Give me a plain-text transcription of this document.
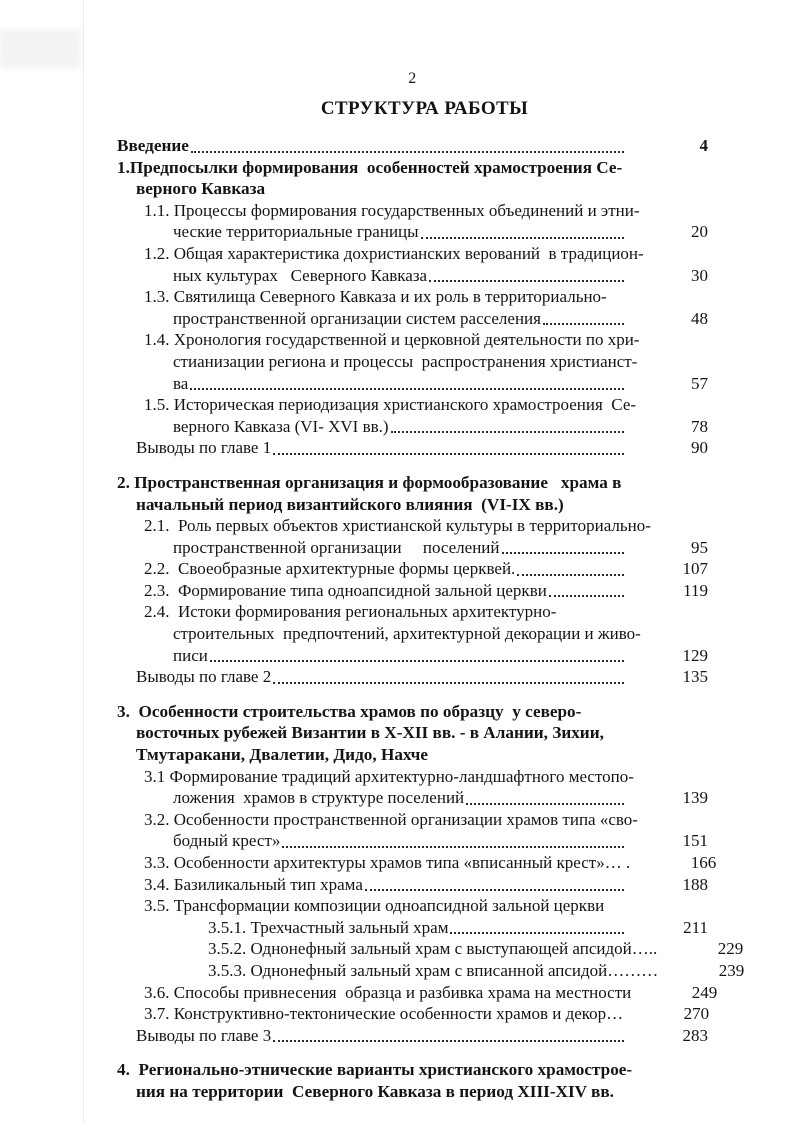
2
СТРУКТУРА РАБОТЫ
Введение	4
1.Предпосылки формирования  особенностей храмостроения Се-
верного Кавказа
1.1. Процессы формирования государственных объединений и этни-
ческие территориальные границы	20
1.2. Общая характеристика дохристианских верований  в традицион-
ных культурах   Северного Кавказа	30
1.3. Святилища Северного Кавказа и их роль в территориально-
пространственной организации систем расселения	48
1.4. Хронология государственной и церковной деятельности по хри-
стианизации региона и процессы  распространения христианст-
ва	57
1.5. Историческая периодизация христианского храмостроения  Се-
верного Кавказа (VI- XVI вв.)	78
Выводы по главе 1	90
2. Пространственная организация и формообразование   храма в
начальный период византийского влияния  (VI-IX вв.)
2.1.  Роль первых объектов христианской культуры в территориально-
пространственной организации     поселений	95
2.2.  Своеобразные архитектурные формы церквей.	107
2.3.  Формирование типа одноапсидной зальной церкви	119
2.4.  Истоки формирования региональных архитектурно-
строительных  предпочтений, архитектурной декорации и живо-
писи	129
Выводы по главе 2	135
3.  Особенности строительства храмов по образцу  у северо-
восточных рубежей Византии в X-XII вв. - в Алании, Зихии,
Тмутаракани, Двалетии, Дидо, Нахче
3.1 Формирование традиций архитектурно-ландшафтного местопо-
ложения  храмов в структуре поселений	139
3.2. Особенности пространственной организации храмов типа «сво-
бодный крест»	151
3.3. Особенности архитектуры храмов типа «вписанный крест»… .	166
3.4. Базиликальный тип храма	188
3.5. Трансформации композиции одноапсидной зальной церкви
3.5.1. Трехчастный зальный храм	211
3.5.2. Однонефный зальный храм с выступающей апсидой…..	229
3.5.3. Однонефный зальный храм с вписанной апсидой………	239
3.6. Способы привнесения  образца и разбивка храма на местности	249
3.7. Конструктивно-тектонические особенности храмов и декор…	270
Выводы по главе 3	283
4.  Регионально-этнические варианты христианского храмострое-
ния на территории  Северного Кавказа в период XIII-XIV вв.
